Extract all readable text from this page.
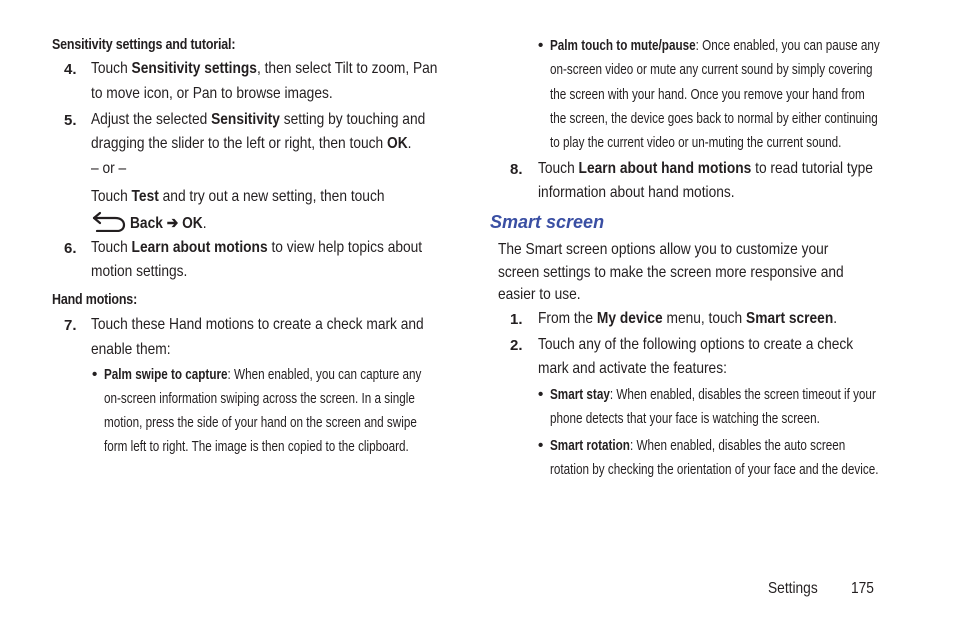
Sensitivity settings and tutorial:
4. Touch Sensitivity settings, then select Tilt to zoom, Pan
to move icon, or Pan to browse images.
5. Adjust the selected Sensitivity setting by touching and
dragging the slider to the left or right, then touch OK.
– or –
Touch Test and try out a new setting, then touch
Back ➔ OK.
6. Touch Learn about motions to view help topics about
motion settings.
Hand motions:
7. Touch these Hand motions to create a check mark and
enable them:
• Palm swipe to capture: When enabled, you can capture any
on-screen information swiping across the screen. In a single
motion, press the side of your hand on the screen and swipe
form left to right. The image is then copied to the clipboard.
• Palm touch to mute/pause: Once enabled, you can pause any
on-screen video or mute any current sound by simply covering
the screen with your hand. Once you remove your hand from
the screen, the device goes back to normal by either continuing
to play the current video or un-muting the current sound.
8. Touch Learn about hand motions to read tutorial type
information about hand motions.
Smart screen
The Smart screen options allow you to customize your
screen settings to make the screen more responsive and
easier to use.
1. From the My device menu, touch Smart screen.
2. Touch any of the following options to create a check
mark and activate the features:
• Smart stay: When enabled, disables the screen timeout if your
phone detects that your face is watching the screen.
• Smart rotation: When enabled, disables the auto screen
rotation by checking the orientation of your face and the device.
Settings 175
